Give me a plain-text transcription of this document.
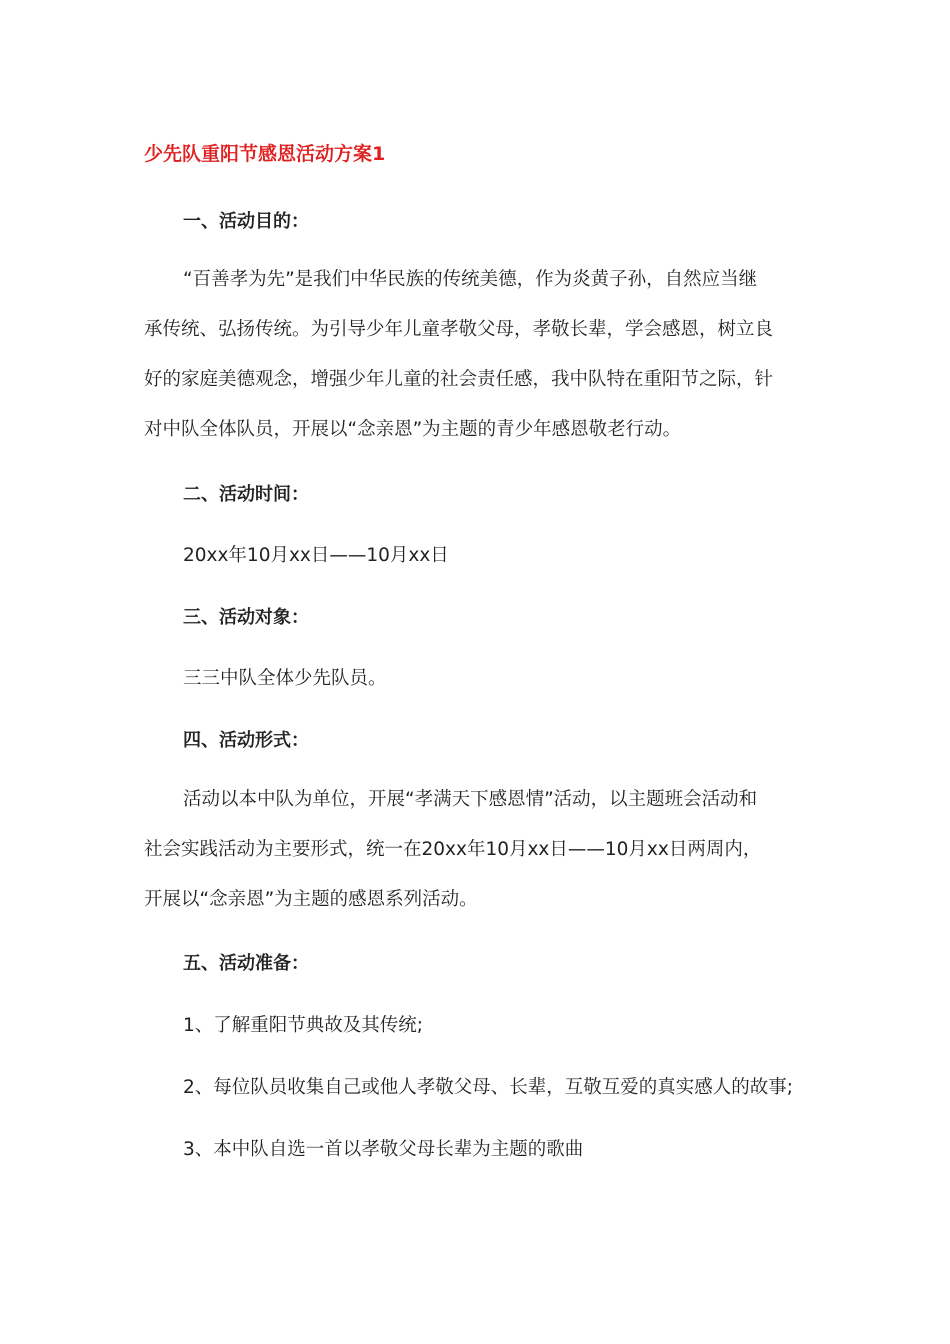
少先队重阳节感恩活动方案1
一、活动目的：
“百善孝为先”是我们中华民族的传统美德，作为炎黄子孙，自然应当继
承传统、弘扬传统。为引导少年儿童孝敬父母，孝敬长辈，学会感恩，树立良
好的家庭美德观念，增强少年儿童的社会责任感，我中队特在重阳节之际，针
对中队全体队员，开展以“念亲恩”为主题的青少年感恩敬老行动。
二、活动时间：
20xx年10月xx日——10月xx日
三、活动对象：
三三中队全体少先队员。
四、活动形式：
活动以本中队为单位，开展“孝满天下感恩情”活动，以主题班会活动和
社会实践活动为主要形式，统一在20xx年10月xx日——10月xx日两周内，
开展以“念亲恩”为主题的感恩系列活动。
五、活动准备：
1、了解重阳节典故及其传统;
2、每位队员收集自己或他人孝敬父母、长辈，互敬互爱的真实感人的故事;
3、本中队自选一首以孝敬父母长辈为主题的歌曲
